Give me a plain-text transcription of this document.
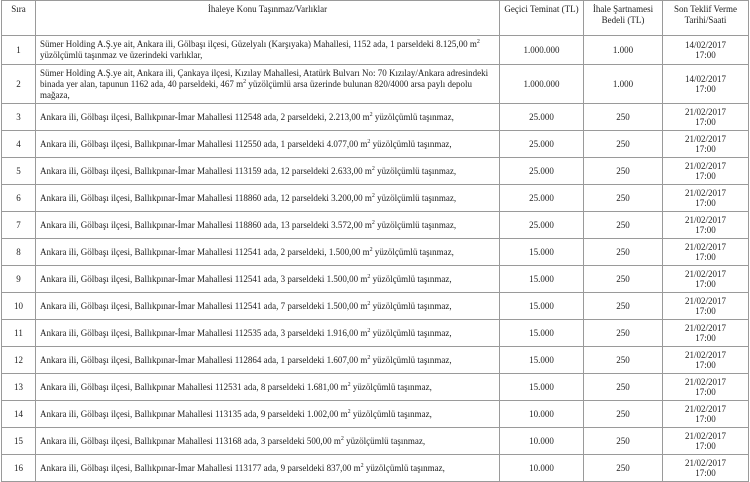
Sıra	İhaleye Konu Taşınmaz/Varlıklar	Geçici Teminat (TL)	İhale Şartnamesi Bedeli (TL)	Son Teklif Verme Tarihi/Saati
1	Sümer Holding A.Ş.ye ait, Ankara ili, Gölbaşı ilçesi, Güzelyalı (Karşıyaka) Mahallesi, 1152 ada, 1 parseldeki 8.125,00 $m^2$ yüzölçümlü taşınmaz ve üzerindeki varlıklar,	1.000.000	1.000	14/02/2017
17:00
2	Sümer Holding A.Ş.ye ait, Ankara ili, Çankaya ilçesi, Kızılay Mahallesi, Atatürk Bulvarı No: 70 Kızılay/Ankara adresindeki binada yer alan, tapunun 1162 ada, 40 parseldeki, 467 $m^2$ yüzölçümlü arsa üzerinde bulunan 820/4000 arsa paylı depolu mağaza,	1.000.000	1.000	14/02/2017
17:00
3	Ankara ili, Gölbaşı ilçesi, Ballıkpınar-İmar Mahallesi 112548 ada, 2 parseldeki, 2.213,00 $m^2$ yüzölçümlü taşınmaz,	25.000	250	21/02/2017
17:00
4	Ankara ili, Gölbaşı ilçesi, Ballıkpınar-İmar Mahallesi 112550 ada, 1 parseldeki 4.077,00 $m^2$ yüzölçümlü taşınmaz,	25.000	250	21/02/2017
17:00
5	Ankara ili, Gölbaşı ilçesi, Ballıkpınar-İmar Mahallesi 113159 ada, 12 parseldeki 2.633,00 $m^2$ yüzölçümlü taşınmaz,	25.000	250	21/02/2017
17:00
6	Ankara ili, Gölbaşı ilçesi, Ballıkpınar-İmar Mahallesi 118860 ada, 12 parseldeki 3.200,00 $m^2$ yüzölçümlü taşınmaz,	25.000	250	21/02/2017
17:00
7	Ankara ili, Gölbaşı ilçesi, Ballıkpınar-İmar Mahallesi 118860 ada, 13 parseldeki 3.572,00 $m^2$ yüzölçümlü taşınmaz,	25.000	250	21/02/2017
17:00
8	Ankara ili, Gölbaşı ilçesi, Ballıkpınar-İmar Mahallesi 112541 ada, 2 parseldeki, 1.500,00 $m^2$ yüzölçümlü taşınmaz,	15.000	250	21/02/2017
17:00
9	Ankara ili, Gölbaşı ilçesi, Ballıkpınar-İmar Mahallesi 112541 ada, 3 parseldeki 1.500,00 $m^2$ yüzölçümlü taşınmaz,	15.000	250	21/02/2017
17:00
10	Ankara ili, Gölbaşı ilçesi, Ballıkpınar-İmar Mahallesi 112541 ada, 7 parseldeki 1.500,00 $m^2$ yüzölçümlü taşınmaz,	15.000	250	21/02/2017
17:00
11	Ankara ili, Gölbaşı ilçesi, Ballıkpınar-İmar Mahallesi 112535 ada, 3 parseldeki 1.916,00 $m^2$ yüzölçümlü taşınmaz,	15.000	250	21/02/2017
17:00
12	Ankara ili, Gölbaşı ilçesi, Ballıkpınar-İmar Mahallesi 112864 ada, 1 parseldeki 1.607,00 $m^2$ yüzölçümlü taşınmaz,	15.000	250	21/02/2017
17:00
13	Ankara ili, Gölbaşı ilçesi, Ballıkpınar Mahallesi 112531 ada, 8 parseldeki 1.681,00 $m^2$ yüzölçümlü taşınmaz,	15.000	250	21/02/2017
17:00
14	Ankara ili, Gölbaşı ilçesi, Ballıkpınar Mahallesi 113135 ada, 9 parseldeki 1.002,00 $m^2$ yüzölçümlü taşınmaz,	10.000	250	21/02/2017
17:00
15	Ankara ili, Gölbaşı ilçesi, Ballıkpınar Mahallesi 113168 ada, 3 parseldeki 500,00 $m^2$ yüzölçümlü taşınmaz,	10.000	250	21/02/2017
17:00
16	Ankara ili, Gölbaşı ilçesi, Ballıkpınar-İmar Mahallesi 113177 ada, 9 parseldeki 837,00 $m^2$ yüzölçümlü taşınmaz,	10.000	250	21/02/2017
17:00
